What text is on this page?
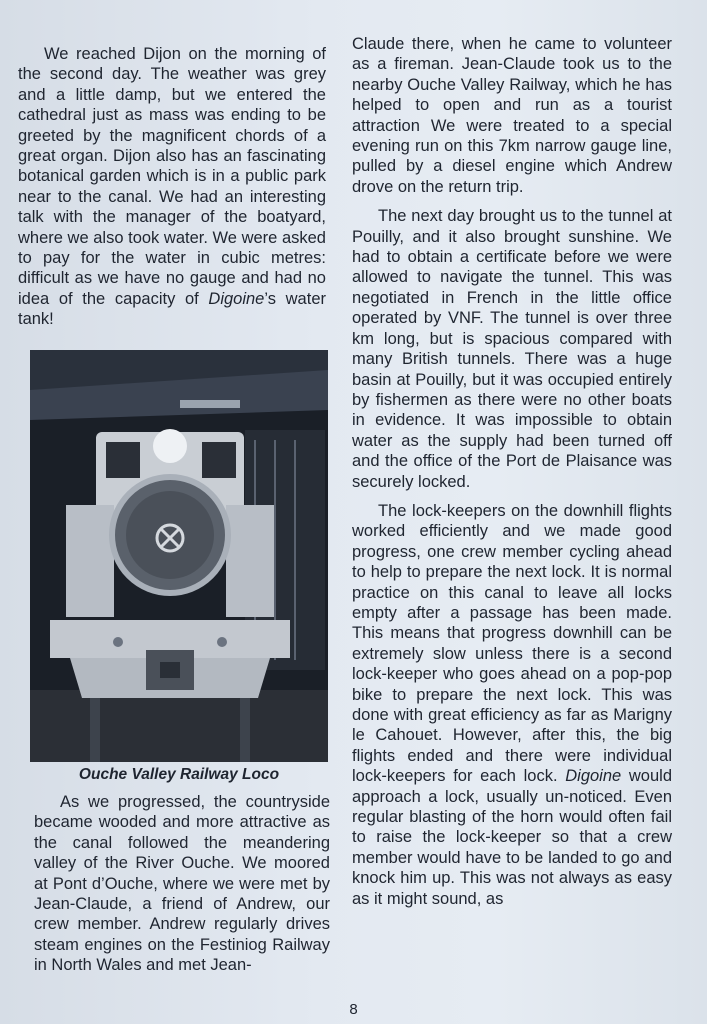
We reached Dijon on the morning of the second day. The weather was grey and a little damp, but we entered the cathedral just as mass was ending to be greeted by the magnificent chords of a great organ. Dijon also has an fascinating botanical garden which is in a public park near to the canal. We had an interesting talk with the manager of the boatyard, where we also took water. We were asked to pay for the water in cubic metres: difficult as we have no gauge and had no idea of the capacity of Digoine’s water tank!

Ouche Valley Railway Loco

As we progressed, the countryside became wooded and more attractive as the canal followed the meandering valley of the River Ouche. We moored at Pont d’Ouche, where we were met by Jean-Claude, a friend of Andrew, our crew member. Andrew regularly drives steam engines on the Festiniog Railway in North Wales and met Jean-

Claude there, when he came to volunteer as a fireman. Jean-Claude took us to the nearby Ouche Valley Railway, which he has helped to open and run as a tourist attraction We were treated to a special evening run on this 7km narrow gauge line, pulled by a diesel engine which Andrew drove on the return trip.

The next day brought us to the tunnel at Pouilly, and it also brought sunshine. We had to obtain a certificate before we were allowed to navigate the tunnel. This was negotiated in French in the little office operated by VNF. The tunnel is over three km long, but is spacious compared with many British tunnels. There was a huge basin at Pouilly, but it was occupied entirely by fishermen as there were no other boats in evidence. It was impossible to obtain water as the supply had been turned off and the office of the Port de Plaisance was securely locked.

The lock-keepers on the downhill flights worked efficiently and we made good progress, one crew member cycling ahead to help to prepare the next lock. It is normal practice on this canal to leave all locks empty after a passage has been made. This means that progress downhill can be extremely slow unless there is a second lock-keeper who goes ahead on a pop-pop bike to prepare the next lock. This was done with great efficiency as far as Marigny le Cahouet. However, after this, the big flights ended and there were individual lock-keepers for each lock. Digoine would approach a lock, usually un-noticed. Even regular blasting of the horn would often fail to raise the lock-keeper so that a crew member would have to be landed to go and knock him up. This was not always as easy as it might sound, as

8
